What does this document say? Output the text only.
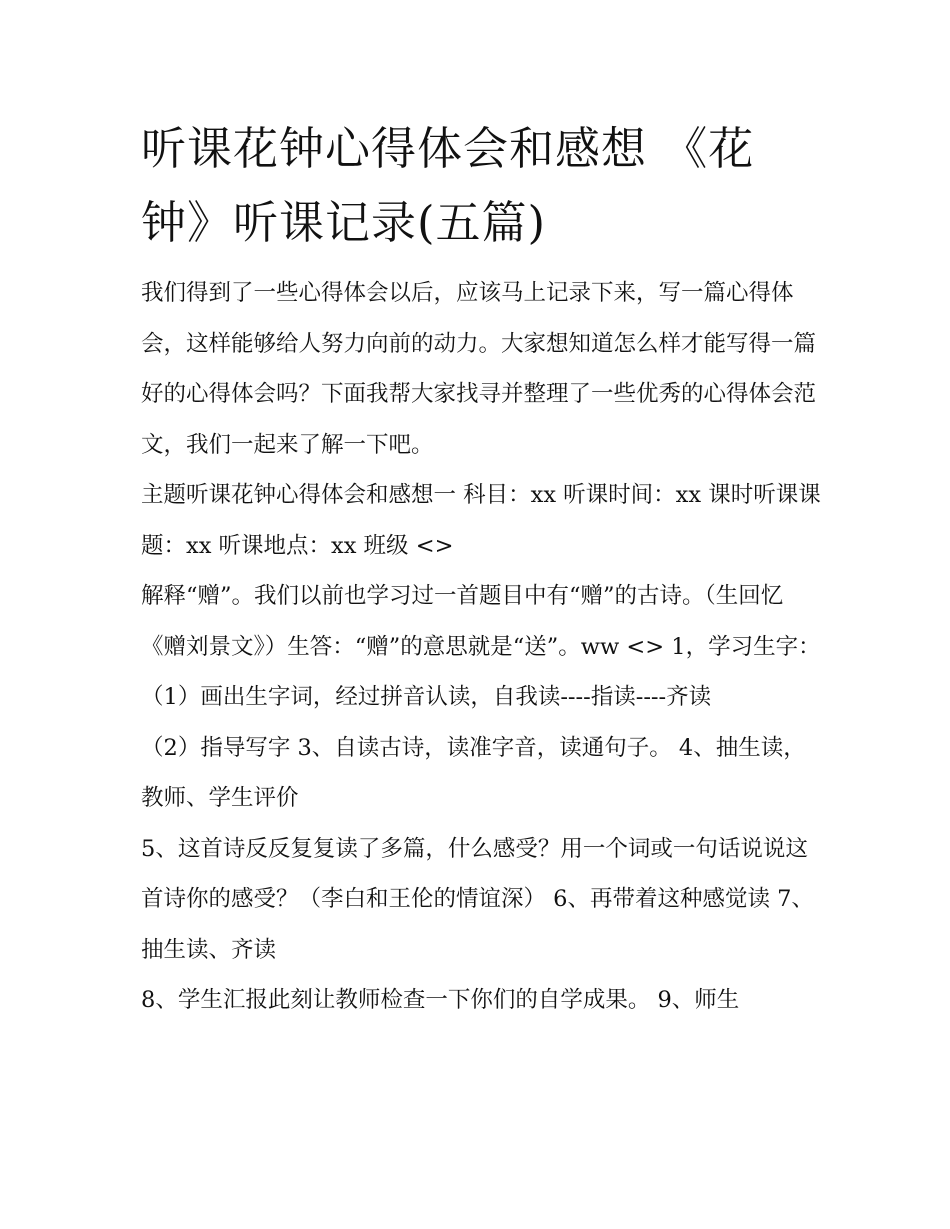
听课花钟心得体会和感想 《花钟》听课记录(五篇)

我们得到了一些心得体会以后，应该马上记录下来，写一篇心得体会，这样能够给人努力向前的动力。大家想知道怎么样才能写得一篇好的心得体会吗？下面我帮大家找寻并整理了一些优秀的心得体会范文，我们一起来了解一下吧。

主题听课花钟心得体会和感想一 科目：xx 听课时间：xx 课时听课课题：xx 听课地点：xx 班级 <>

解释“赠”。我们以前也学习过一首题目中有“赠”的古诗。（生回忆《赠刘景文》）生答：“赠”的意思就是“送”。ww <> 1，学习生字：

（1）画出生字词，经过拼音认读，自我读----指读----齐读

（2）指导写字 3、自读古诗，读准字音，读通句子。 4、抽生读，教师、学生评价

5、这首诗反反复复读了多篇，什么感受？用一个词或一句话说说这首诗你的感受？（李白和王伦的情谊深） 6、再带着这种感觉读 7、抽生读、齐读

8、学生汇报此刻让教师检查一下你们的自学成果。 9、师生
